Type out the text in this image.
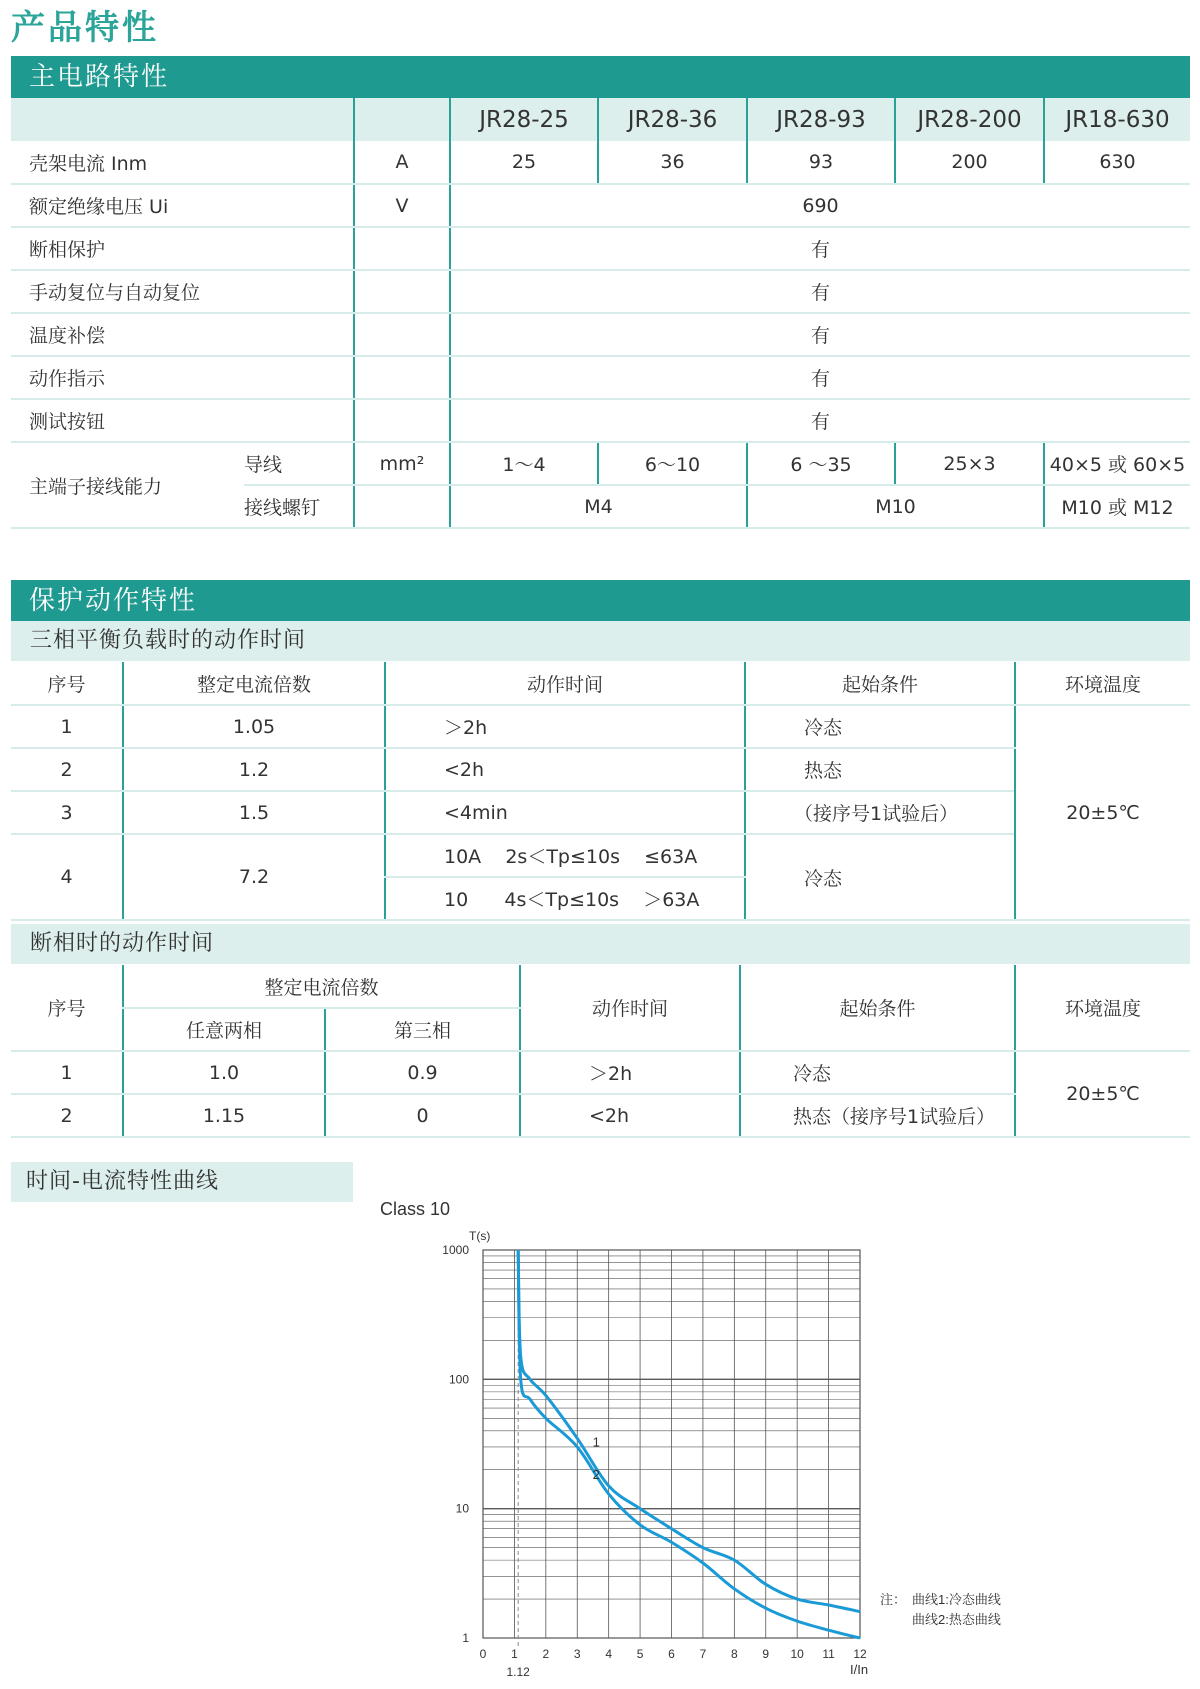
产品特性
主电路特性
			JR28-25	JR28-36	JR28-93	JR28-200	JR18-630
壳架电流 Inm		A	25	36	93	200	630
额定绝缘电压 Ui		V	690				
断相保护			有				
手动复位与自动复位			有				
温度补偿			有				
动作指示			有				
测试按钮			有				
主端子接线能力	导线	mm²	1～4	6～10	6 ～35	25×3	40×5 或 60×5
	接线螺钉		M4		M10		M10 或 M12
保护动作特性
三相平衡负载时的动作时间
序号	整定电流倍数	动作时间	起始条件	环境温度
1	1.05	＞2h	冷态	20±5℃
2	1.2	<2h	热态	
3	1.5	<4min	（接序号1试验后）	
4	7.2	10A    2s＜Tp≤10s    ≤63A	冷态	
		10      4s＜Tp≤10s    ＞63A		
断相时的动作时间
序号	整定电流倍数		动作时间	起始条件	环境温度
	任意两相	第三相			
1	1.0	0.9	＞2h	冷态	20±5℃
2	1.15	0	<2h	热态（接序号1试验后）	
时间-电流特性曲线
Class 10
0 1 2 3 4 5 6 7 8 9 10 11 12
1
10
100
1000
T(s)
I/In
1.12
1
2
注： 曲线1:冷态曲线
曲线2:热态曲线
